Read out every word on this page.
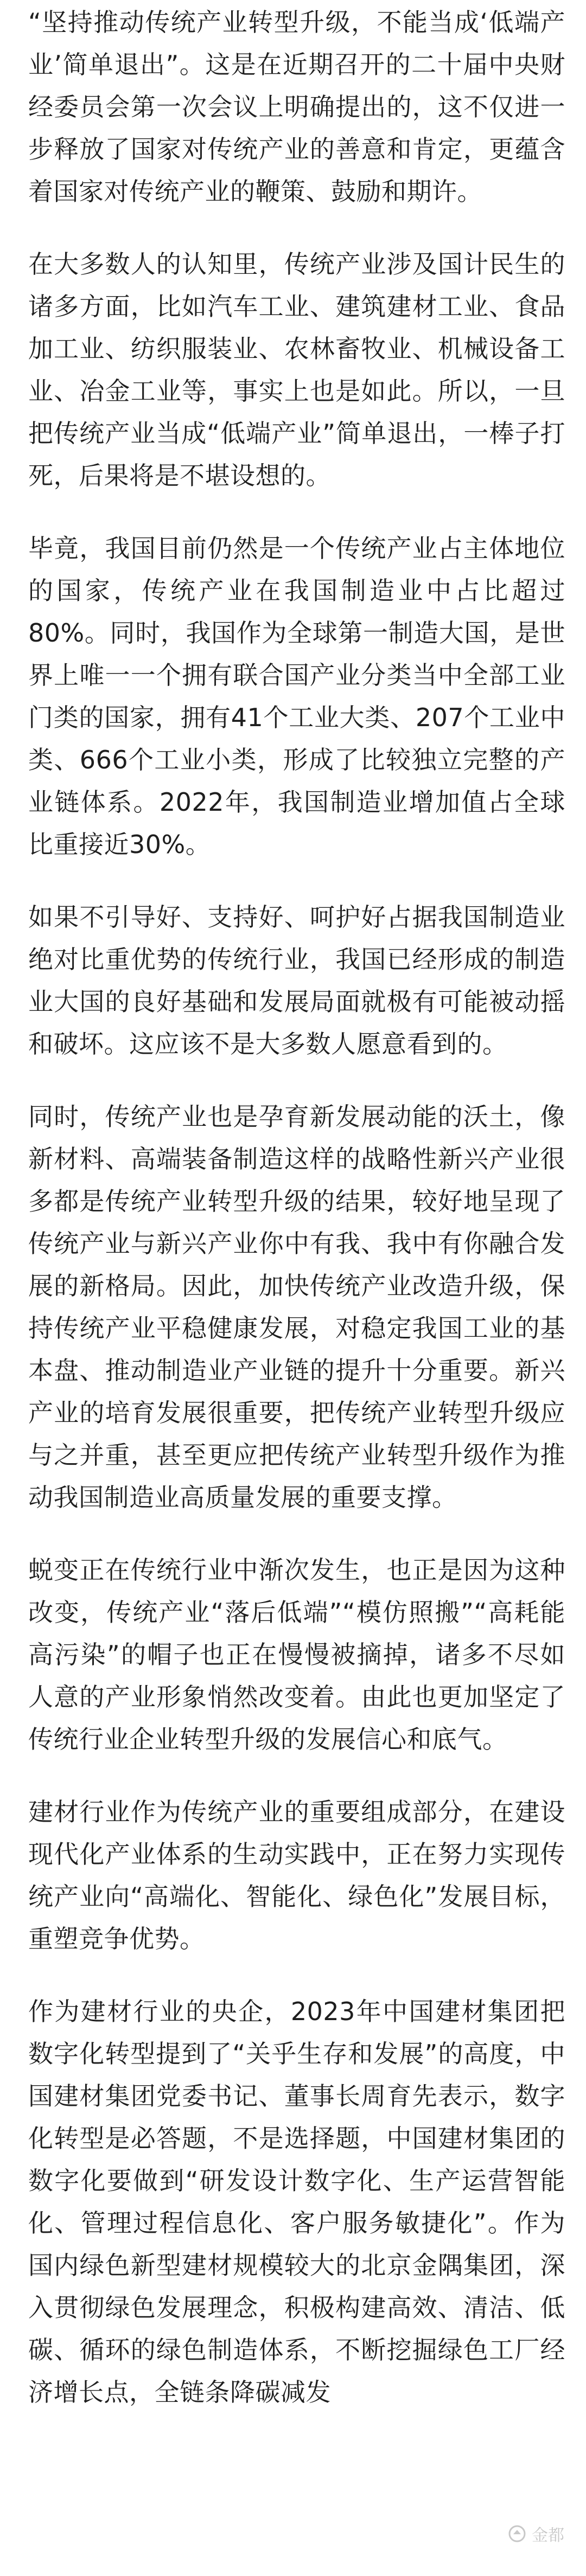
“坚持推动传统产业转型升级，不能当成‘低端产业’简单退出”。这是在近期召开的二十届中央财经委员会第一次会议上明确提出的，这不仅进一步释放了国家对传统产业的善意和肯定，更蕴含着国家对传统产业的鞭策、鼓励和期许。

在大多数人的认知里，传统产业涉及国计民生的诸多方面，比如汽车工业、建筑建材工业、食品加工业、纺织服装业、农林畜牧业、机械设备工业、冶金工业等，事实上也是如此。所以，一旦把传统产业当成“低端产业”简单退出，一棒子打死，后果将是不堪设想的。

毕竟，我国目前仍然是一个传统产业占主体地位的国家，传统产业在我国制造业中占比超过80%。同时，我国作为全球第一制造大国，是世界上唯一一个拥有联合国产业分类当中全部工业门类的国家，拥有41个工业大类、207个工业中类、666个工业小类，形成了比较独立完整的产业链体系。2022年，我国制造业增加值占全球比重接近30%。

如果不引导好、支持好、呵护好占据我国制造业绝对比重优势的传统行业，我国已经形成的制造业大国的良好基础和发展局面就极有可能被动摇和破坏。这应该不是大多数人愿意看到的。

同时，传统产业也是孕育新发展动能的沃土，像新材料、高端装备制造这样的战略性新兴产业很多都是传统产业转型升级的结果，较好地呈现了传统产业与新兴产业你中有我、我中有你融合发展的新格局。因此，加快传统产业改造升级，保持传统产业平稳健康发展，对稳定我国工业的基本盘、推动制造业产业链的提升十分重要。新兴产业的培育发展很重要，把传统产业转型升级应与之并重，甚至更应把传统产业转型升级作为推动我国制造业高质量发展的重要支撑。

蜕变正在传统行业中渐次发生，也正是因为这种改变，传统产业“落后低端”“模仿照搬”“高耗能高污染”的帽子也正在慢慢被摘掉，诸多不尽如人意的产业形象悄然改变着。由此也更加坚定了传统行业企业转型升级的发展信心和底气。

建材行业作为传统产业的重要组成部分，在建设现代化产业体系的生动实践中，正在努力实现传统产业向“高端化、智能化、绿色化”发展目标，重塑竞争优势。

作为建材行业的央企，2023年中国建材集团把数字化转型提到了“关乎生存和发展”的高度，中国建材集团党委书记、董事长周育先表示，数字化转型是必答题，不是选择题，中国建材集团的数字化要做到“研发设计数字化、生产运营智能化、管理过程信息化、客户服务敏捷化”。作为国内绿色新型建材规模较大的北京金隅集团，深入贯彻绿色发展理念，积极构建高效、清洁、低碳、循环的绿色制造体系，不断挖掘绿色工厂经济增长点，全链条降碳减发

金都
